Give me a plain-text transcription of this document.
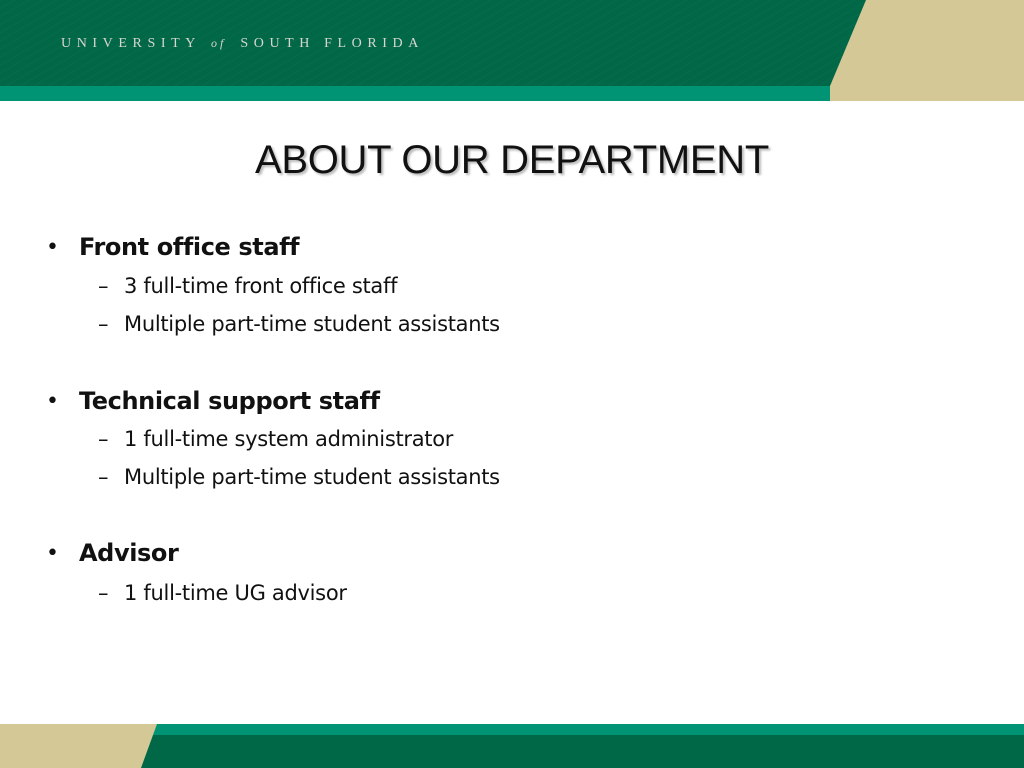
UNIVERSITY of SOUTH FLORIDA
ABOUT OUR DEPARTMENT
• Front office staff
– 3 full-time front office staff
– Multiple part-time student assistants
• Technical support staff
– 1 full-time system administrator
– Multiple part-time student assistants
• Advisor
– 1 full-time UG advisor
